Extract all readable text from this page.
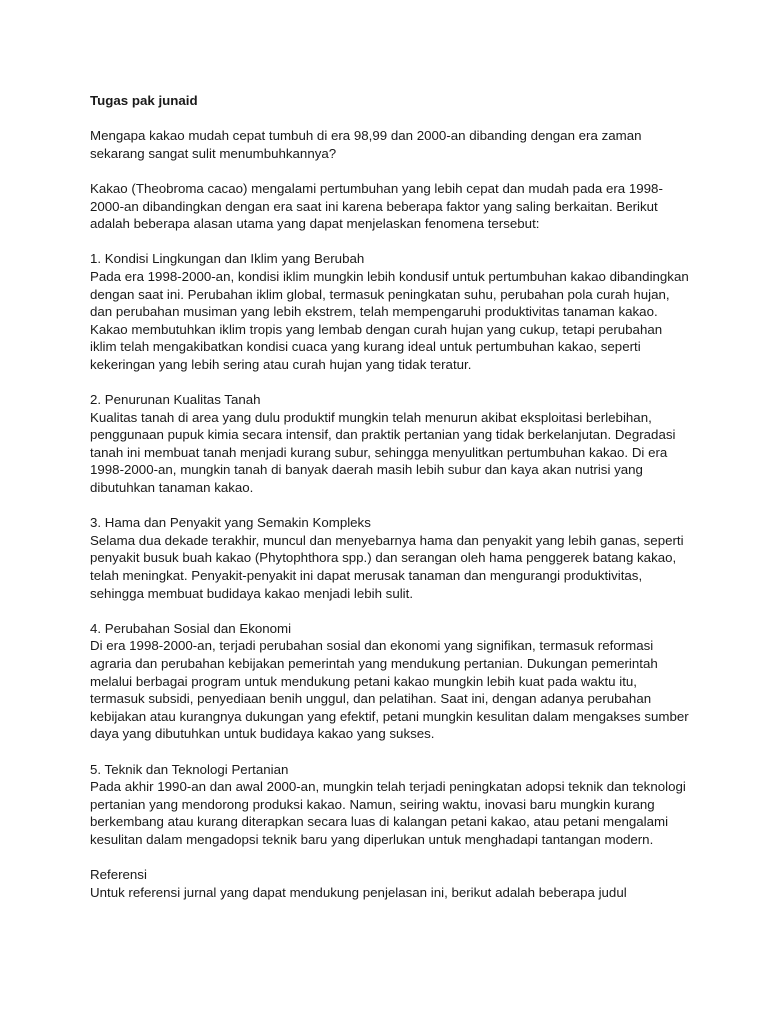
Tugas pak junaid

Mengapa kakao mudah cepat tumbuh di era 98,99 dan 2000-an dibanding dengan era zaman sekarang sangat sulit menumbuhkannya?

Kakao (Theobroma cacao) mengalami pertumbuhan yang lebih cepat dan mudah pada era 1998-2000-an dibandingkan dengan era saat ini karena beberapa faktor yang saling berkaitan. Berikut adalah beberapa alasan utama yang dapat menjelaskan fenomena tersebut:

1. Kondisi Lingkungan dan Iklim yang Berubah

Pada era 1998-2000-an, kondisi iklim mungkin lebih kondusif untuk pertumbuhan kakao dibandingkan dengan saat ini. Perubahan iklim global, termasuk peningkatan suhu, perubahan pola curah hujan, dan perubahan musiman yang lebih ekstrem, telah mempengaruhi produktivitas tanaman kakao. Kakao membutuhkan iklim tropis yang lembab dengan curah hujan yang cukup, tetapi perubahan iklim telah mengakibatkan kondisi cuaca yang kurang ideal untuk pertumbuhan kakao, seperti kekeringan yang lebih sering atau curah hujan yang tidak teratur.

2. Penurunan Kualitas Tanah

Kualitas tanah di area yang dulu produktif mungkin telah menurun akibat eksploitasi berlebihan, penggunaan pupuk kimia secara intensif, dan praktik pertanian yang tidak berkelanjutan. Degradasi tanah ini membuat tanah menjadi kurang subur, sehingga menyulitkan pertumbuhan kakao. Di era 1998-2000-an, mungkin tanah di banyak daerah masih lebih subur dan kaya akan nutrisi yang dibutuhkan tanaman kakao.

3. Hama dan Penyakit yang Semakin Kompleks

Selama dua dekade terakhir, muncul dan menyebarnya hama dan penyakit yang lebih ganas, seperti penyakit busuk buah kakao (Phytophthora spp.) dan serangan oleh hama penggerek batang kakao, telah meningkat. Penyakit-penyakit ini dapat merusak tanaman dan mengurangi produktivitas, sehingga membuat budidaya kakao menjadi lebih sulit.

4. Perubahan Sosial dan Ekonomi

Di era 1998-2000-an, terjadi perubahan sosial dan ekonomi yang signifikan, termasuk reformasi agraria dan perubahan kebijakan pemerintah yang mendukung pertanian. Dukungan pemerintah melalui berbagai program untuk mendukung petani kakao mungkin lebih kuat pada waktu itu, termasuk subsidi, penyediaan benih unggul, dan pelatihan. Saat ini, dengan adanya perubahan kebijakan atau kurangnya dukungan yang efektif, petani mungkin kesulitan dalam mengakses sumber daya yang dibutuhkan untuk budidaya kakao yang sukses.

5. Teknik dan Teknologi Pertanian

Pada akhir 1990-an dan awal 2000-an, mungkin telah terjadi peningkatan adopsi teknik dan teknologi pertanian yang mendorong produksi kakao. Namun, seiring waktu, inovasi baru mungkin kurang berkembang atau kurang diterapkan secara luas di kalangan petani kakao, atau petani mengalami kesulitan dalam mengadopsi teknik baru yang diperlukan untuk menghadapi tantangan modern.

Referensi

Untuk referensi jurnal yang dapat mendukung penjelasan ini, berikut adalah beberapa judul
